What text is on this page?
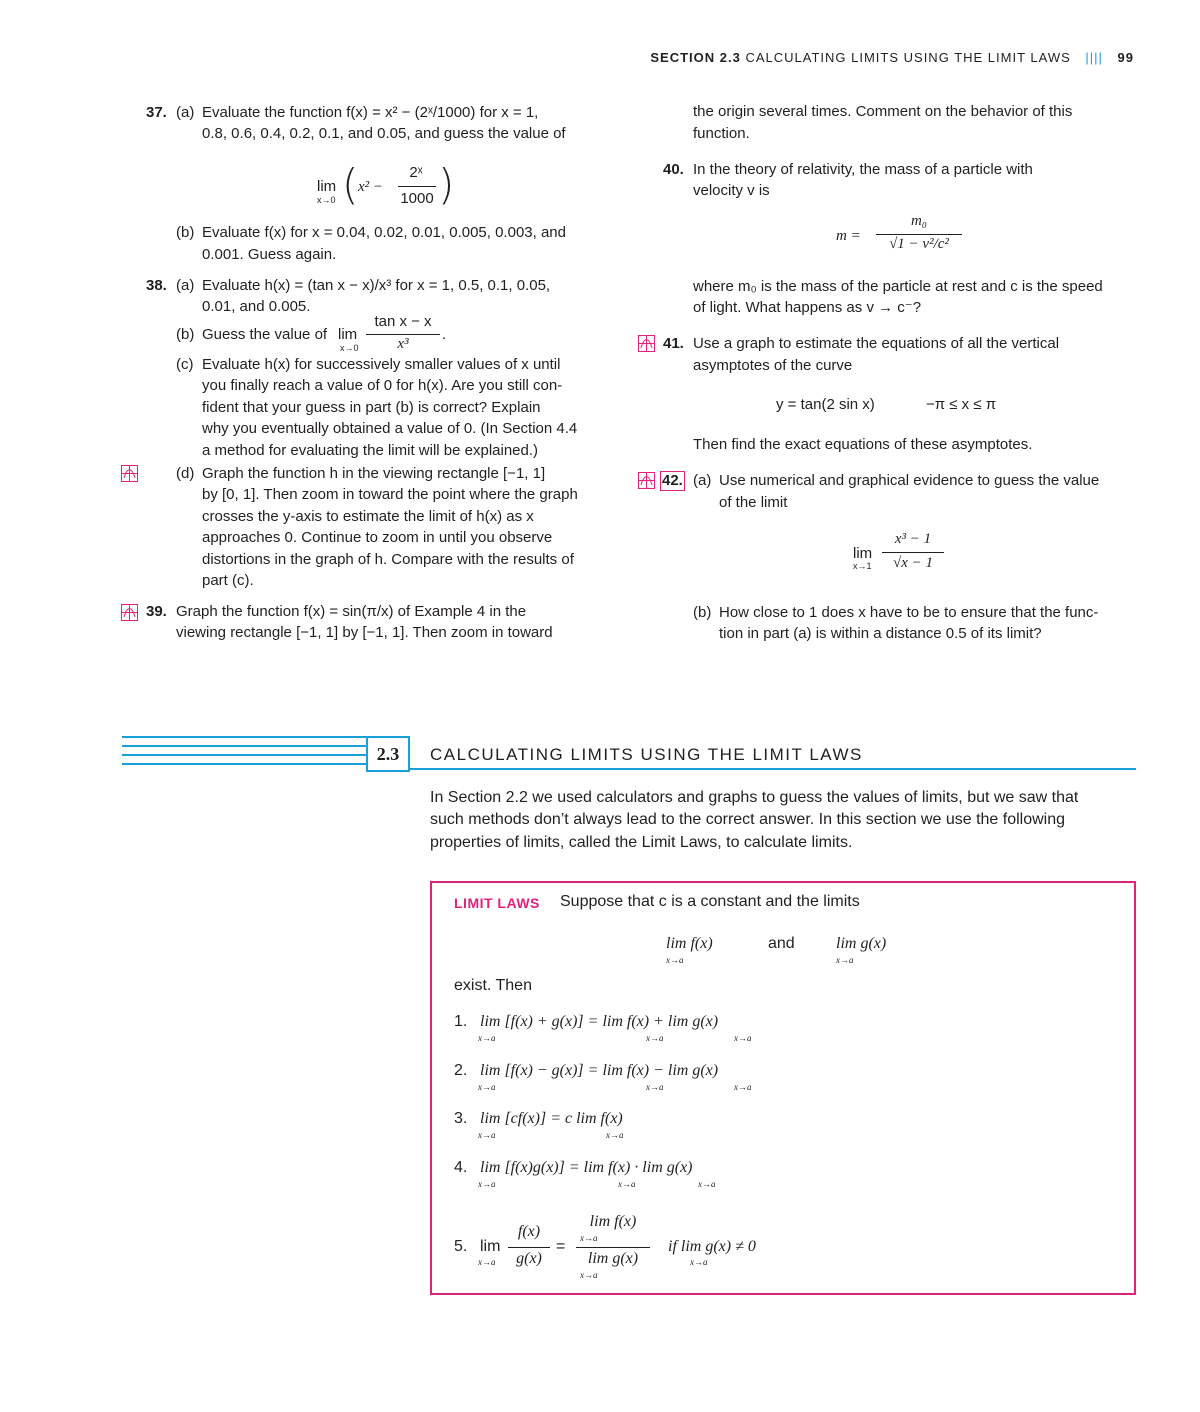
SECTION 2.3 CALCULATING LIMITS USING THE LIMIT LAWS |||| 99
37. (a) Evaluate the function f(x) = x² − (2ˣ/1000) for x = 1,
0.8, 0.6, 0.4, 0.2, 0.1, and 0.05, and guess the value of
lim
x→0 ( x² −
2ˣ
1000 )
(b) Evaluate f(x) for x = 0.04, 0.02, 0.01, 0.005, 0.003, and
0.001. Guess again.
38. (a) Evaluate h(x) = (tan x − x)/x³ for x = 1, 0.5, 0.1, 0.05,
0.01, and 0.005.
(b) Guess the value of lim
x→0
tan x − x
x³
.
(c) Evaluate h(x) for successively smaller values of x until
you finally reach a value of 0 for h(x). Are you still con-
fident that your guess in part (b) is correct? Explain
why you eventually obtained a value of 0. (In Section 4.4
a method for evaluating the limit will be explained.)
(d) Graph the function h in the viewing rectangle [−1, 1]
by [0, 1]. Then zoom in toward the point where the graph
crosses the y-axis to estimate the limit of h(x) as x
approaches 0. Continue to zoom in until you observe
distortions in the graph of h. Compare with the results of
part (c).
39. Graph the function f(x) = sin(π/x) of Example 4 in the
viewing rectangle [−1, 1] by [−1, 1]. Then zoom in toward
the origin several times. Comment on the behavior of this
function.
40. In the theory of relativity, the mass of a particle with
velocity v is
m =
m₀
√1 − v²/c²
where m₀ is the mass of the particle at rest and c is the speed
of light. What happens as v → c⁻?
41. Use a graph to estimate the equations of all the vertical
asymptotes of the curve
y = tan(2 sin x)	−π ≤ x ≤ π
Then find the exact equations of these asymptotes.
42. (a) Use numerical and graphical evidence to guess the value
of the limit
lim
x→1
x³ − 1
√x − 1
(b) How close to 1 does x have to be to ensure that the func-
tion in part (a) is within a distance 0.5 of its limit?
2.3	CALCULATING LIMITS USING THE LIMIT LAWS
In Section 2.2 we used calculators and graphs to guess the values of limits, but we saw that
such methods don’t always lead to the correct answer. In this section we use the following
properties of limits, called the Limit Laws, to calculate limits.
LIMIT LAWS Suppose that c is a constant and the limits
lim f(x)
x→a
and	lim g(x)
x→a
exist. Then
1. lim [f(x) + g(x)] = lim f(x) + lim g(x)
x→a	x→a	x→a
2. lim [f(x) − g(x)] = lim f(x) − lim g(x)
x→a	x→a	x→a
3. lim [cf(x)] = c lim f(x)
x→a	x→a
4. lim [f(x)g(x)] = lim f(x) · lim g(x)
x→a	x→a	x→a
5. lim
x→a
f(x)
g(x)
=
lim f(x)
x→a
lim g(x)
x→a
if lim g(x) ≠ 0
x→a
